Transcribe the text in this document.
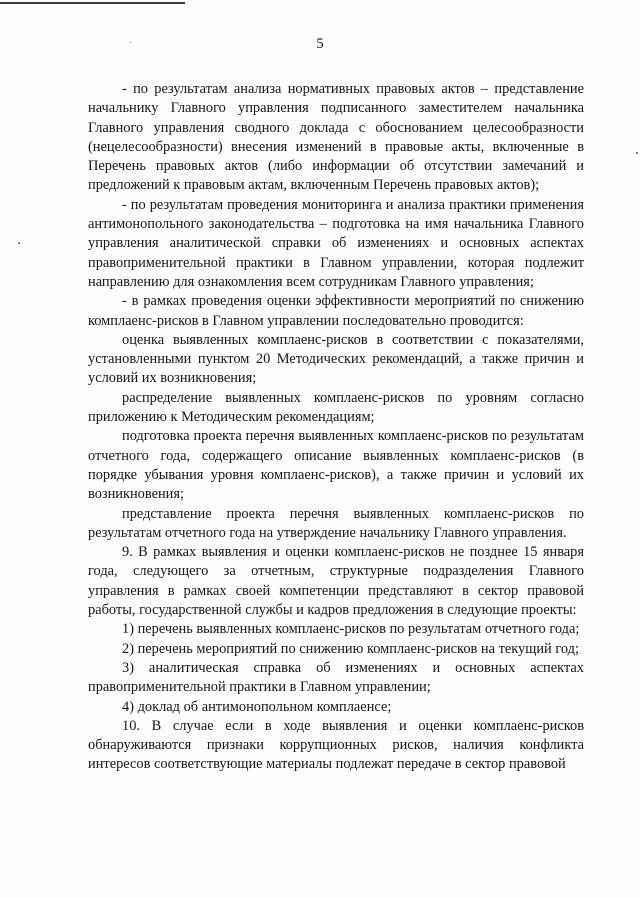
5

- по результатам анализа нормативных правовых актов – представление начальнику Главного управления подписанного заместителем начальника Главного управления сводного доклада с обоснованием целесообразности (нецелесообразности) внесения изменений в правовые акты, включенные в Перечень правовых актов (либо информации об отсутствии замечаний и предложений к правовым актам, включенным Перечень правовых актов);

- по результатам проведения мониторинга и анализа практики применения антимонопольного законодательства – подготовка на имя начальника Главного управления аналитической справки об изменениях и основных аспектах правоприменительной практики в Главном управлении, которая подлежит направлению для ознакомления всем сотрудникам Главного управления;

- в рамках проведения оценки эффективности мероприятий по снижению комплаенс-рисков в Главном управлении последовательно проводится:

оценка выявленных комплаенс-рисков в соответствии с показателями, установленными пунктом 20 Методических рекомендаций, а также причин и условий их возникновения;

распределение выявленных комплаенс-рисков по уровням согласно приложению к Методическим рекомендациям;

подготовка проекта перечня выявленных комплаенс-рисков по результатам отчетного года, содержащего описание выявленных комплаенс-рисков (в порядке убывания уровня комплаенс-рисков), а также причин и условий их возникновения;

представление проекта перечня выявленных комплаенс-рисков по результатам отчетного года на утверждение начальнику Главного управления.

9. В рамках выявления и оценки комплаенс-рисков не позднее 15 января года, следующего за отчетным, структурные подразделения Главного управления в рамках своей компетенции представляют в сектор правовой работы, государственной службы и кадров предложения в следующие проекты:

1) перечень выявленных комплаенс-рисков по результатам отчетного года;

2) перечень мероприятий по снижению комплаенс-рисков на текущий год;

3) аналитическая справка об изменениях и основных аспектах правоприменительной практики в Главном управлении;

4) доклад об антимонопольном комплаенсе;

10. В случае если в ходе выявления и оценки комплаенс-рисков обнаруживаются признаки коррупционных рисков, наличия конфликта интересов соответствующие материалы подлежат передаче в сектор правовой
